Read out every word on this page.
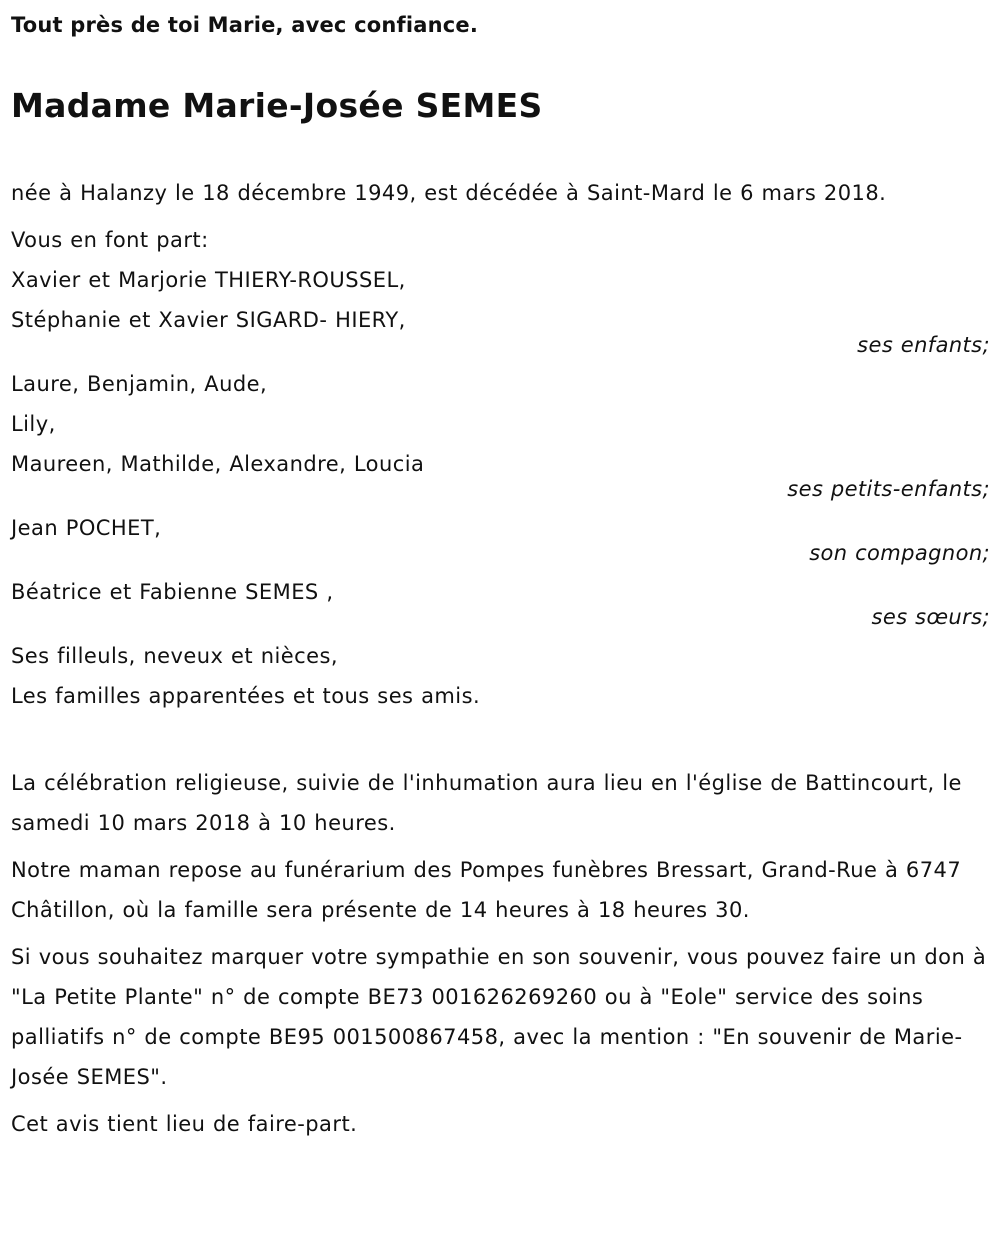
Tout près de toi Marie, avec confiance.

Madame Marie-Josée SEMES

née à Halanzy le 18 décembre 1949, est décédée à Saint-Mard le 6 mars 2018.

Vous en font part:
Xavier et Marjorie THIERY-ROUSSEL,
Stéphanie et Xavier SIGARD- HIERY,
ses enfants;
Laure, Benjamin, Aude,
Lily,
Maureen, Mathilde, Alexandre, Loucia
ses petits-enfants;
Jean POCHET,
son compagnon;
Béatrice et Fabienne SEMES ,
ses sœurs;
Ses filleuls, neveux et nièces,
Les familles apparentées et tous ses amis.

La célébration religieuse, suivie de l'inhumation aura lieu en l'église de Battincourt, le samedi 10 mars 2018 à 10 heures.

Notre maman repose au funérarium des Pompes funèbres Bressart, Grand-Rue à 6747 Châtillon, où la famille sera présente de 14 heures à 18 heures 30.

Si vous souhaitez marquer votre sympathie en son souvenir, vous pouvez faire un don à "La Petite Plante" n° de compte BE73 001626269260 ou à "Eole" service des soins palliatifs n° de compte BE95 001500867458, avec la mention : "En souvenir de Marie-Josée SEMES".

Cet avis tient lieu de faire-part.
